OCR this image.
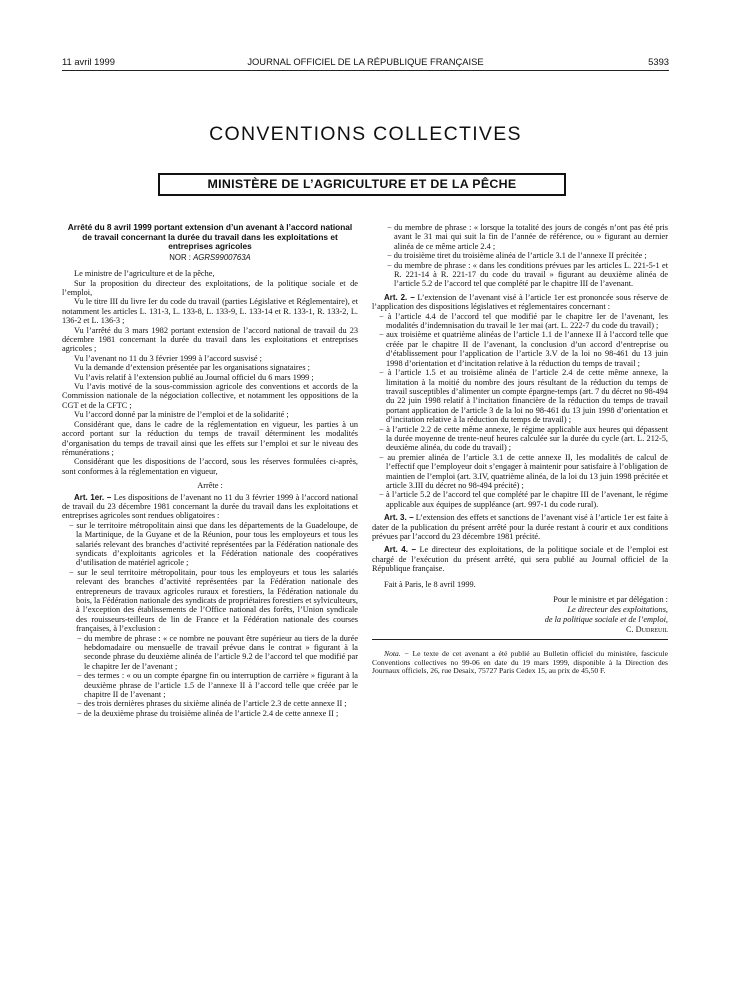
11 avril 1999	JOURNAL OFFICIEL DE LA RÉPUBLIQUE FRANÇAISE	5393
CONVENTIONS COLLECTIVES
MINISTÈRE DE L’AGRICULTURE ET DE LA PÊCHE
Arrêté du 8 avril 1999 portant extension d’un avenant à l’accord national de travail concernant la durée du travail dans les exploitations et entreprises agricoles
NOR : AGRS9900763A

Le ministre de l’agriculture et de la pêche,

Sur la proposition du directeur des exploitations, de la politique sociale et de l’emploi,

Vu le titre III du livre Ier du code du travail (parties Législative et Réglementaire), et notamment les articles L. 131-3, L. 133-8, L. 133-9, L. 133-14 et R. 133-1, R. 133-2, L. 136-2 et L. 136-3 ;

Vu l’arrêté du 3 mars 1982 portant extension de l’accord national de travail du 23 décembre 1981 concernant la durée du travail dans les exploitations et entreprises agricoles ;

Vu l’avenant no 11 du 3 février 1999 à l’accord susvisé ;

Vu la demande d’extension présentée par les organisations signataires ;

Vu l’avis relatif à l’extension publié au Journal officiel du 6 mars 1999 ;

Vu l’avis motivé de la sous-commission agricole des conventions et accords de la Commission nationale de la négociation collective, et notamment les oppositions de la CGT et de la CFTC ;

Vu l’accord donné par la ministre de l’emploi et de la solidarité ;

Considérant que, dans le cadre de la réglementation en vigueur, les parties à un accord portant sur la réduction du temps de travail déterminent les modalités d’organisation du temps de travail ainsi que les effets sur l’emploi et sur le niveau des rémunérations ;

Considérant que les dispositions de l’accord, sous les réserves formulées ci-après, sont conformes à la réglementation en vigueur,

Arrête :

Art. 1er. − Les dispositions de l’avenant no 11 du 3 février 1999 à l’accord national de travail du 23 décembre 1981 concernant la durée du travail dans les exploitations et entreprises agricoles sont rendues obligatoires :

− sur le territoire métropolitain ainsi que dans les départements de la Guadeloupe, de la Martinique, de la Guyane et de la Réunion, pour tous les employeurs et tous les salariés relevant des branches d’activité représentées par la Fédération nationale des syndicats d’exploitants agricoles et la Fédération nationale des coopératives d’utilisation de matériel agricole ;

− sur le seul territoire métropolitain, pour tous les employeurs et tous les salariés relevant des branches d’activité représentées par la Fédération nationale des entrepreneurs de travaux agricoles ruraux et forestiers, la Fédération nationale du bois, la Fédération nationale des syndicats de propriétaires forestiers et sylviculteurs, à l’exception des établissements de l’Office national des forêts, l’Union syndicale des rouisseurs-teilleurs de lin de France et la Fédération nationale des courses françaises, à l’exclusion :

− du membre de phrase : « ce nombre ne pouvant être supérieur au tiers de la durée hebdomadaire ou mensuelle de travail prévue dans le contrat » figurant à la seconde phrase du deuxième alinéa de l’article 9.2 de l’accord tel que modifié par le chapitre Ier de l’avenant ;

− des termes : « ou un compte épargne fin ou interruption de carrière » figurant à la deuxième phrase de l’article 1.5 de l’annexe II à l’accord telle que créée par le chapitre II de l’avenant ;

− des trois dernières phrases du sixième alinéa de l’article 2.3 de cette annexe II ;

− de la deuxième phrase du troisième alinéa de l’article 2.4 de cette annexe II ;

− du membre de phrase : « lorsque la totalité des jours de congés n’ont pas été pris avant le 31 mai qui suit la fin de l’année de référence, ou » figurant au dernier alinéa de ce même article 2.4 ;

− du troisième tiret du troisième alinéa de l’article 3.1 de l’annexe II précitée ;

− du membre de phrase : « dans les conditions prévues par les articles L. 221-5-1 et R. 221-14 à R. 221-17 du code du travail » figurant au deuxième alinéa de l’article 5.2 de l’accord tel que complété par le chapitre III de l’avenant.

Art. 2. − L’extension de l’avenant visé à l’article 1er est prononcée sous réserve de l’application des dispositions législatives et réglementaires concernant :

− à l’article 4.4 de l’accord tel que modifié par le chapitre Ier de l’avenant, les modalités d’indemnisation du travail le 1er mai (art. L. 222-7 du code du travail) ;

− aux troisième et quatrième alinéas de l’article 1.1 de l’annexe II à l’accord telle que créée par le chapitre II de l’avenant, la conclusion d’un accord d’entreprise ou d’établissement pour l’application de l’article 3.V de la loi no 98-461 du 13 juin 1998 d’orientation et d’incitation relative à la réduction du temps de travail ;

− à l’article 1.5 et au troisième alinéa de l’article 2.4 de cette même annexe, la limitation à la moitié du nombre des jours résultant de la réduction du temps de travail susceptibles d’alimenter un compte épargne-temps (art. 7 du décret no 98-494 du 22 juin 1998 relatif à l’incitation financière de la réduction du temps de travail portant application de l’article 3 de la loi no 98-461 du 13 juin 1998 d’orientation et d’incitation relative à la réduction du temps de travail) ;

− à l’article 2.2 de cette même annexe, le régime applicable aux heures qui dépassent la durée moyenne de trente-neuf heures calculée sur la durée du cycle (art. L. 212-5, deuxième alinéa, du code du travail) ;

− au premier alinéa de l’article 3.1 de cette annexe II, les modalités de calcul de l’effectif que l’employeur doit s’engager à maintenir pour satisfaire à l’obligation de maintien de l’emploi (art. 3.IV, quatrième alinéa, de la loi du 13 juin 1998 précitée et article 3.III du décret no 98-494 précité) ;

− à l’article 5.2 de l’accord tel que complété par le chapitre III de l’avenant, le régime applicable aux équipes de suppléance (art. 997-1 du code rural).

Art. 3. − L’extension des effets et sanctions de l’avenant visé à l’article 1er est faite à dater de la publication du présent arrêté pour la durée restant à courir et aux conditions prévues par l’accord du 23 décembre 1981 précité.

Art. 4. − Le directeur des exploitations, de la politique sociale et de l’emploi est chargé de l’exécution du présent arrêté, qui sera publié au Journal officiel de la République française.

Fait à Paris, le 8 avril 1999.

Pour le ministre et par délégation :

Le directeur des exploitations,

de la politique sociale et de l’emploi,

C. Dudreuil

Nota. − Le texte de cet avenant a été publié au Bulletin officiel du ministère, fascicule Conventions collectives no 99-06 en date du 19 mars 1999, disponible à la Direction des Journaux officiels, 26, rue Desaix, 75727 Paris Cedex 15, au prix de 45,50 F.
